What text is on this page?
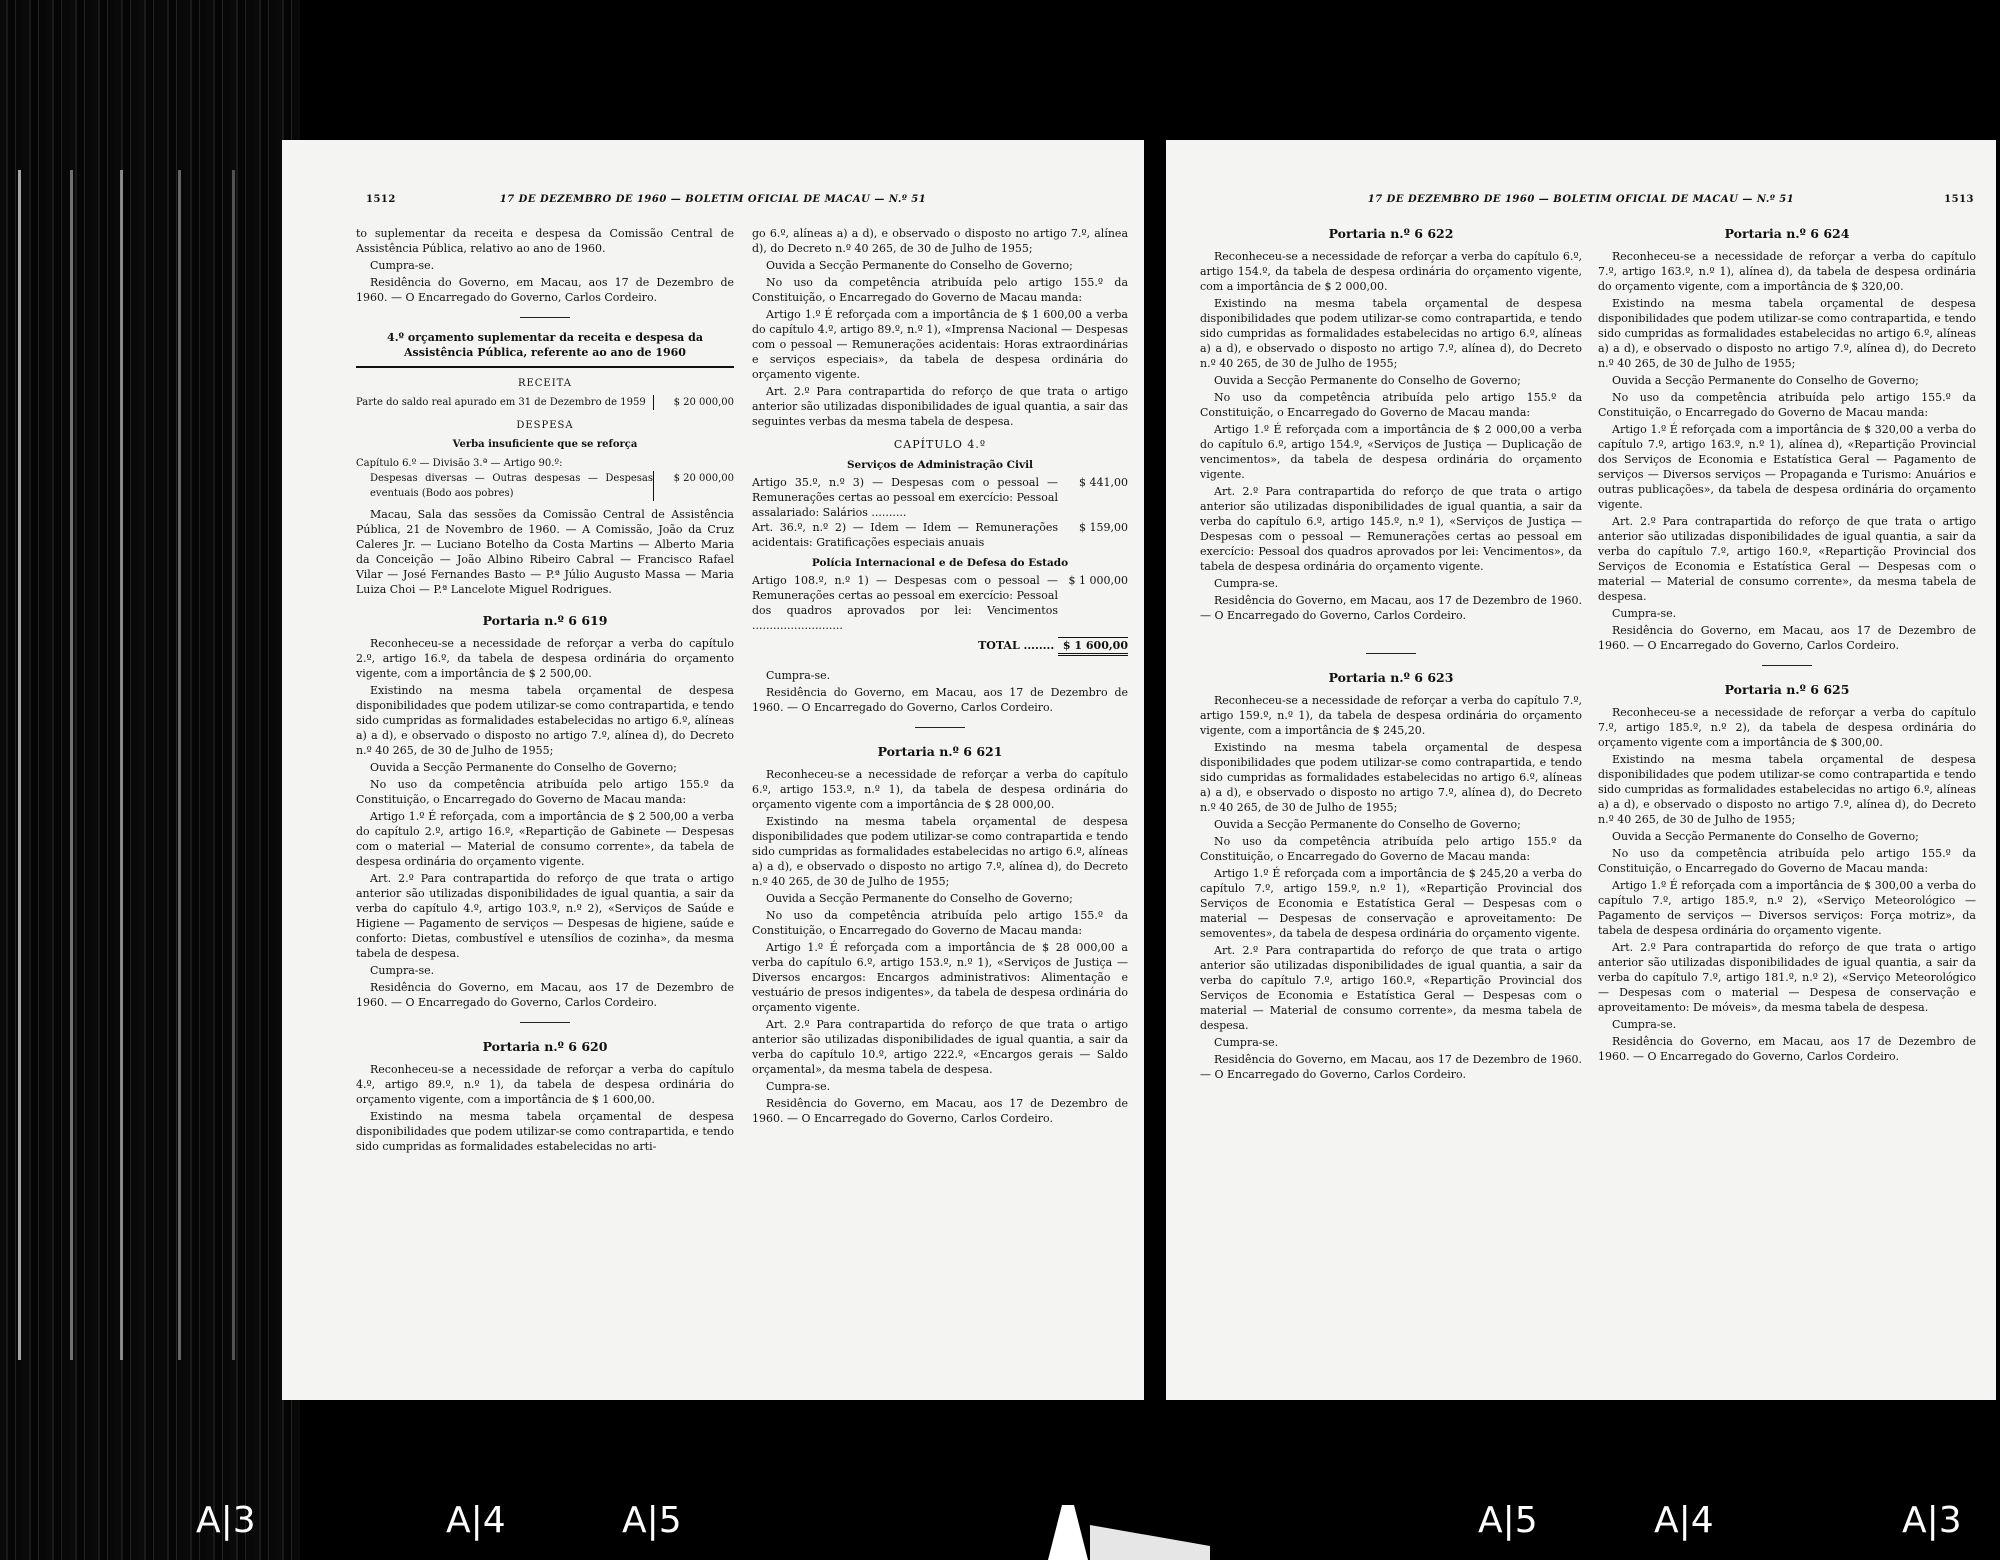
1512	17 DE DEZEMBRO DE 1960 — BOLETIM OFICIAL DE MACAU — N.º 51

to suplementar da receita e despesa da Comissão Central de Assistência Pública, relativo ao ano de 1960.

Cumpra-se.

Residência do Governo, em Macau, aos 17 de Dezembro de 1960. — O Encarregado do Governo, Carlos Cordeiro.

4.º orçamento suplementar da receita e despesa da Assistência Pública, referente ao ano de 1960
RECEITA
Parte do saldo real apurado em 31 de Dezembro de 1959	$ 20 000,00
DESPESA
Verba insuficiente que se reforça
Capítulo 6.º — Divisão 3.ª — Artigo 90.º:
Despesas diversas — Outras despesas — Despesas eventuais (Bodo aos pobres)
$ 20 000,00

Macau, Sala das sessões da Comissão Central de Assistência Pública, 21 de Novembro de 1960. — A Comissão, João da Cruz Caleres Jr. — Luciano Botelho da Costa Martins — Alberto Maria da Conceição — João Albino Ribeiro Cabral — Francisco Rafael Vilar — José Fernandes Basto — P.ª Júlio Augusto Massa — Maria Luiza Choi — P.ª Lancelote Miguel Rodrigues.

Portaria n.º 6 619

Reconheceu-se a necessidade de reforçar a verba do capítulo 2.º, artigo 16.º, da tabela de despesa ordinária do orçamento vigente, com a importância de $ 2 500,00.

Existindo na mesma tabela orçamental de despesa disponibilidades que podem utilizar-se como contrapartida, e tendo sido cumpridas as formalidades estabelecidas no artigo 6.º, alíneas a) a d), e observado o disposto no artigo 7.º, alínea d), do Decreto n.º 40 265, de 30 de Julho de 1955;

Ouvida a Secção Permanente do Conselho de Governo;

No uso da competência atribuída pelo artigo 155.º da Constituição, o Encarregado do Governo de Macau manda:

Artigo 1.º É reforçada, com a importância de $ 2 500,00 a verba do capítulo 2.º, artigo 16.º, «Repartição de Gabinete — Despesas com o material — Material de consumo corrente», da tabela de despesa ordinária do orçamento vigente.

Art. 2.º Para contrapartida do reforço de que trata o artigo anterior são utilizadas disponibilidades de igual quantia, a sair da verba do capítulo 4.º, artigo 103.º, n.º 2), «Serviços de Saúde e Higiene — Pagamento de serviços — Despesas de higiene, saúde e conforto: Dietas, combustível e utensílios de cozinha», da mesma tabela de despesa.

Cumpra-se.

Residência do Governo, em Macau, aos 17 de Dezembro de 1960. — O Encarregado do Governo, Carlos Cordeiro.

Portaria n.º 6 620

Reconheceu-se a necessidade de reforçar a verba do capítulo 4.º, artigo 89.º, n.º 1), da tabela de despesa ordinária do orçamento vigente, com a importância de $ 1 600,00.

Existindo na mesma tabela orçamental de despesa disponibilidades que podem utilizar-se como contrapartida, e tendo sido cumpridas as formalidades estabelecidas no arti-

go 6.º, alíneas a) a d), e observado o disposto no artigo 7.º, alínea d), do Decreto n.º 40 265, de 30 de Julho de 1955;

Ouvida a Secção Permanente do Conselho de Governo;

No uso da competência atribuída pelo artigo 155.º da Constituição, o Encarregado do Governo de Macau manda:

Artigo 1.º É reforçada com a importância de $ 1 600,00 a verba do capítulo 4.º, artigo 89.º, n.º 1), «Imprensa Nacional — Despesas com o pessoal — Remunerações acidentais: Horas extraordinárias e serviços especiais», da tabela de despesa ordinária do orçamento vigente.

Art. 2.º Para contrapartida do reforço de que trata o artigo anterior são utilizadas disponibilidades de igual quantia, a sair das seguintes verbas da mesma tabela de despesa.

CAPÍTULO 4.º
Serviços de Administração Civil
Artigo 35.º, n.º 3) — Despesas com o pessoal — Remunerações certas ao pessoal em exercício: Pessoal assalariado: Salários ..........
$ 441,00
Art. 36.º, n.º 2) — Idem — Idem — Remunerações acidentais: Gratificações especiais anuais
$ 159,00
Polícia Internacional e de Defesa do Estado
Artigo 108.º, n.º 1) — Despesas com o pessoal — Remunerações certas ao pessoal em exercício: Pessoal dos quadros aprovados por lei: Vencimentos ..........................
$ 1 000,00
TOTAL ........ $ 1 600,00

Cumpra-se.

Residência do Governo, em Macau, aos 17 de Dezembro de 1960. — O Encarregado do Governo, Carlos Cordeiro.

Portaria n.º 6 621

Reconheceu-se a necessidade de reforçar a verba do capítulo 6.º, artigo 153.º, n.º 1), da tabela de despesa ordinária do orçamento vigente com a importância de $ 28 000,00.

Existindo na mesma tabela orçamental de despesa disponibilidades que podem utilizar-se como contrapartida e tendo sido cumpridas as formalidades estabelecidas no artigo 6.º, alíneas a) a d), e observado o disposto no artigo 7.º, alínea d), do Decreto n.º 40 265, de 30 de Julho de 1955;

Ouvida a Secção Permanente do Conselho de Governo;

No uso da competência atribuída pelo artigo 155.º da Constituição, o Encarregado do Governo de Macau manda:

Artigo 1.º É reforçada com a importância de $ 28 000,00 a verba do capítulo 6.º, artigo 153.º, n.º 1), «Serviços de Justiça — Diversos encargos: Encargos administrativos: Alimentação e vestuário de presos indigentes», da tabela de despesa ordinária do orçamento vigente.

Art. 2.º Para contrapartida do reforço de que trata o artigo anterior são utilizadas disponibilidades de igual quantia, a sair da verba do capítulo 10.º, artigo 222.º, «Encargos gerais — Saldo orçamental», da mesma tabela de despesa.

Cumpra-se.

Residência do Governo, em Macau, aos 17 de Dezembro de 1960. — O Encarregado do Governo, Carlos Cordeiro.

17 DE DEZEMBRO DE 1960 — BOLETIM OFICIAL DE MACAU — N.º 51	1513
Portaria n.º 6 622

Reconheceu-se a necessidade de reforçar a verba do capítulo 6.º, artigo 154.º, da tabela de despesa ordinária do orçamento vigente, com a importância de $ 2 000,00.

Existindo na mesma tabela orçamental de despesa disponibilidades que podem utilizar-se como contrapartida, e tendo sido cumpridas as formalidades estabelecidas no artigo 6.º, alíneas a) a d), e observado o disposto no artigo 7.º, alínea d), do Decreto n.º 40 265, de 30 de Julho de 1955;

Ouvida a Secção Permanente do Conselho de Governo;

No uso da competência atribuída pelo artigo 155.º da Constituição, o Encarregado do Governo de Macau manda:

Artigo 1.º É reforçada com a importância de $ 2 000,00 a verba do capítulo 6.º, artigo 154.º, «Serviços de Justiça — Duplicação de vencimentos», da tabela de despesa ordinária do orçamento vigente.

Art. 2.º Para contrapartida do reforço de que trata o artigo anterior são utilizadas disponibilidades de igual quantia, a sair da verba do capítulo 6.º, artigo 145.º, n.º 1), «Serviços de Justiça — Despesas com o pessoal — Remunerações certas ao pessoal em exercício: Pessoal dos quadros aprovados por lei: Vencimentos», da tabela de despesa ordinária do orçamento vigente.

Cumpra-se.

Residência do Governo, em Macau, aos 17 de Dezembro de 1960. — O Encarregado do Governo, Carlos Cordeiro.

Portaria n.º 6 623

Reconheceu-se a necessidade de reforçar a verba do capítulo 7.º, artigo 159.º, n.º 1), da tabela de despesa ordinária do orçamento vigente, com a importância de $ 245,20.

Existindo na mesma tabela orçamental de despesa disponibilidades que podem utilizar-se como contrapartida, e tendo sido cumpridas as formalidades estabelecidas no artigo 6.º, alíneas a) a d), e observado o disposto no artigo 7.º, alínea d), do Decreto n.º 40 265, de 30 de Julho de 1955;

Ouvida a Secção Permanente do Conselho de Governo;

No uso da competência atribuída pelo artigo 155.º da Constituição, o Encarregado do Governo de Macau manda:

Artigo 1.º É reforçada com a importância de $ 245,20 a verba do capítulo 7.º, artigo 159.º, n.º 1), «Repartição Provincial dos Serviços de Economia e Estatística Geral — Despesas com o material — Despesas de conservação e aproveitamento: De semoventes», da tabela de despesa ordinária do orçamento vigente.

Art. 2.º Para contrapartida do reforço de que trata o artigo anterior são utilizadas disponibilidades de igual quantia, a sair da verba do capítulo 7.º, artigo 160.º, «Repartição Provincial dos Serviços de Economia e Estatística Geral — Despesas com o material — Material de consumo corrente», da mesma tabela de despesa.

Cumpra-se.

Residência do Governo, em Macau, aos 17 de Dezembro de 1960. — O Encarregado do Governo, Carlos Cordeiro.

Portaria n.º 6 624

Reconheceu-se a necessidade de reforçar a verba do capítulo 7.º, artigo 163.º, n.º 1), alínea d), da tabela de despesa ordinária do orçamento vigente, com a importância de $ 320,00.

Existindo na mesma tabela orçamental de despesa disponibilidades que podem utilizar-se como contrapartida, e tendo sido cumpridas as formalidades estabelecidas no artigo 6.º, alíneas a) a d), e observado o disposto no artigo 7.º, alínea d), do Decreto n.º 40 265, de 30 de Julho de 1955;

Ouvida a Secção Permanente do Conselho de Governo;

No uso da competência atribuída pelo artigo 155.º da Constituição, o Encarregado do Governo de Macau manda:

Artigo 1.º É reforçada com a importância de $ 320,00 a verba do capítulo 7.º, artigo 163.º, n.º 1), alínea d), «Repartição Provincial dos Serviços de Economia e Estatística Geral — Pagamento de serviços — Diversos serviços — Propaganda e Turismo: Anuários e outras publicações», da tabela de despesa ordinária do orçamento vigente.

Art. 2.º Para contrapartida do reforço de que trata o artigo anterior são utilizadas disponibilidades de igual quantia, a sair da verba do capítulo 7.º, artigo 160.º, «Repartição Provincial dos Serviços de Economia e Estatística Geral — Despesas com o material — Material de consumo corrente», da mesma tabela de despesa.

Cumpra-se.

Residência do Governo, em Macau, aos 17 de Dezembro de 1960. — O Encarregado do Governo, Carlos Cordeiro.

Portaria n.º 6 625

Reconheceu-se a necessidade de reforçar a verba do capítulo 7.º, artigo 185.º, n.º 2), da tabela de despesa ordinária do orçamento vigente com a importância de $ 300,00.

Existindo na mesma tabela orçamental de despesa disponibilidades que podem utilizar-se como contrapartida e tendo sido cumpridas as formalidades estabelecidas no artigo 6.º, alíneas a) a d), e observado o disposto no artigo 7.º, alínea d), do Decreto n.º 40 265, de 30 de Julho de 1955;

Ouvida a Secção Permanente do Conselho de Governo;

No uso da competência atribuída pelo artigo 155.º da Constituição, o Encarregado do Governo de Macau manda:

Artigo 1.º É reforçada com a importância de $ 300,00 a verba do capítulo 7.º, artigo 185.º, n.º 2), «Serviço Meteorológico — Pagamento de serviços — Diversos serviços: Força motriz», da tabela de despesa ordinária do orçamento vigente.

Art. 2.º Para contrapartida do reforço de que trata o artigo anterior são utilizadas disponibilidades de igual quantia, a sair da verba do capítulo 7.º, artigo 181.º, n.º 2), «Serviço Meteorológico — Despesas com o material — Despesa de conservação e aproveitamento: De móveis», da mesma tabela de despesa.

Cumpra-se.

Residência do Governo, em Macau, aos 17 de Dezembro de 1960. — O Encarregado do Governo, Carlos Cordeiro.

A|3	A|4	A|5	A|5	A|4	A|3
